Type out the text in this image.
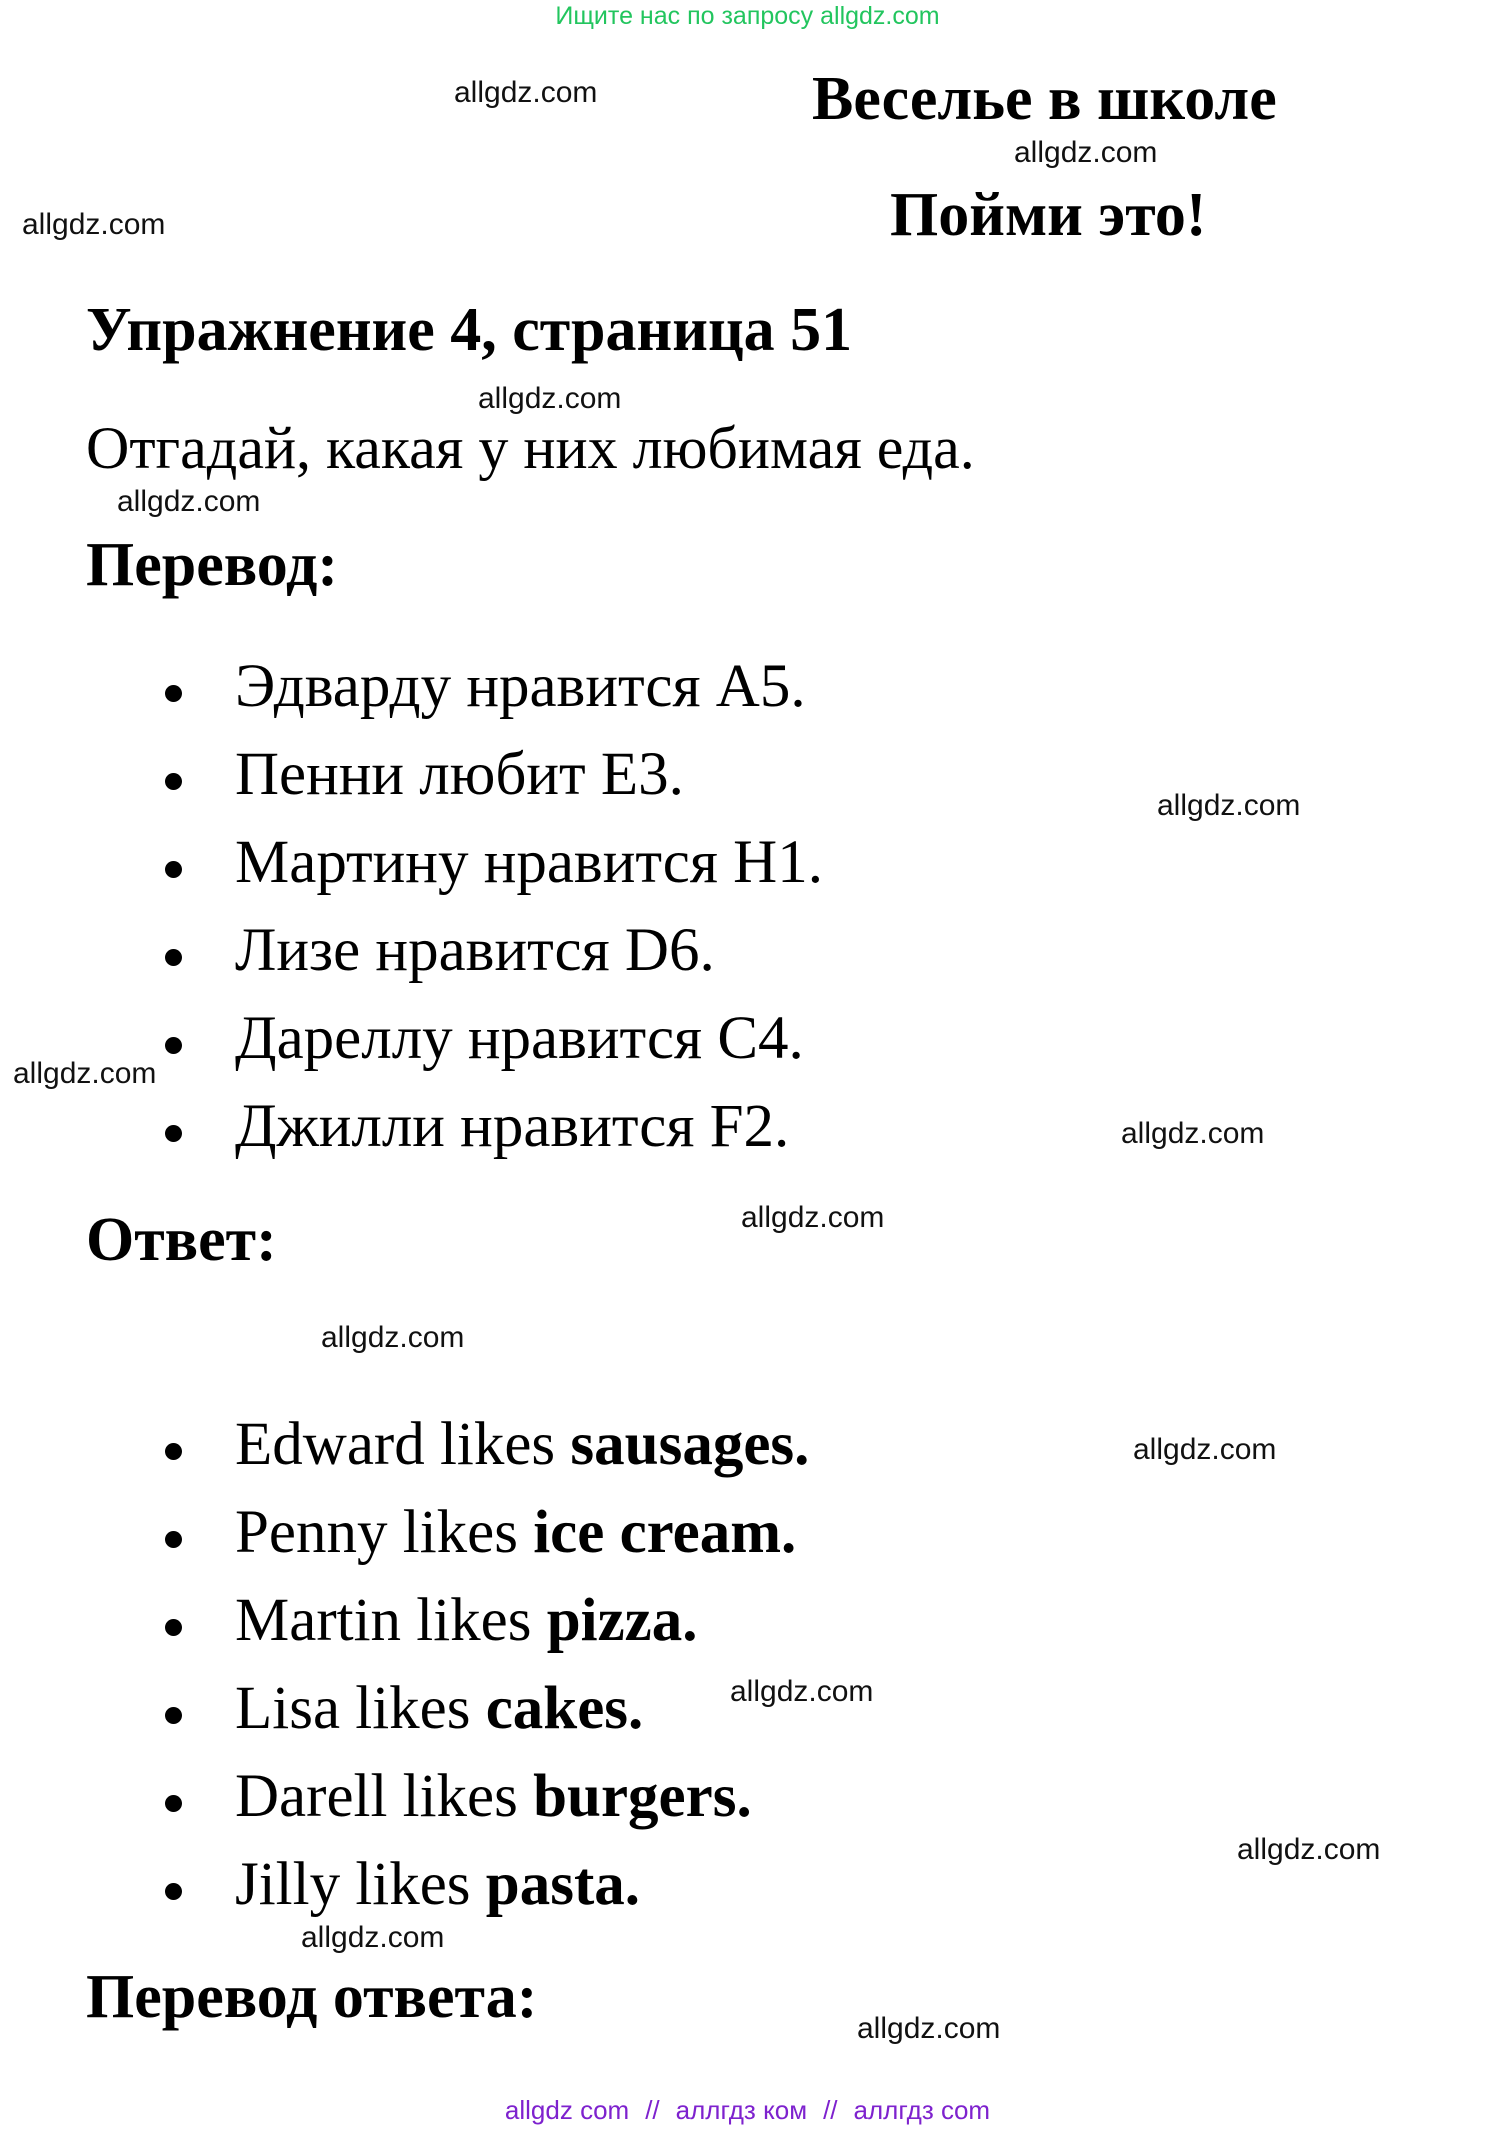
Ищите нас по запросу allgdz.com
Веселье в школе
Пойми это!
Упражнение 4, страница 51
Отгадай, какая у них любимая еда.
Перевод:
Эдварду нравится A5.
Пенни любит E3.
Мартину нравится H1.
Лизе нравится D6.
Дареллу нравится C4.
Джилли нравится F2.
Ответ:
Edward likes sausages.
Penny likes ice cream.
Martin likes pizza.
Lisa likes cakes.
Darell likes burgers.
Jilly likes pasta.
Перевод ответа:
allgdz.com
allgdz.com
allgdz.com
allgdz.com
allgdz.com
allgdz.com
allgdz.com
allgdz.com
allgdz.com
allgdz.com
allgdz.com
allgdz.com
allgdz.com
allgdz.com
allgdz.com
allgdz com // аллгдз ком // аллгдз com
